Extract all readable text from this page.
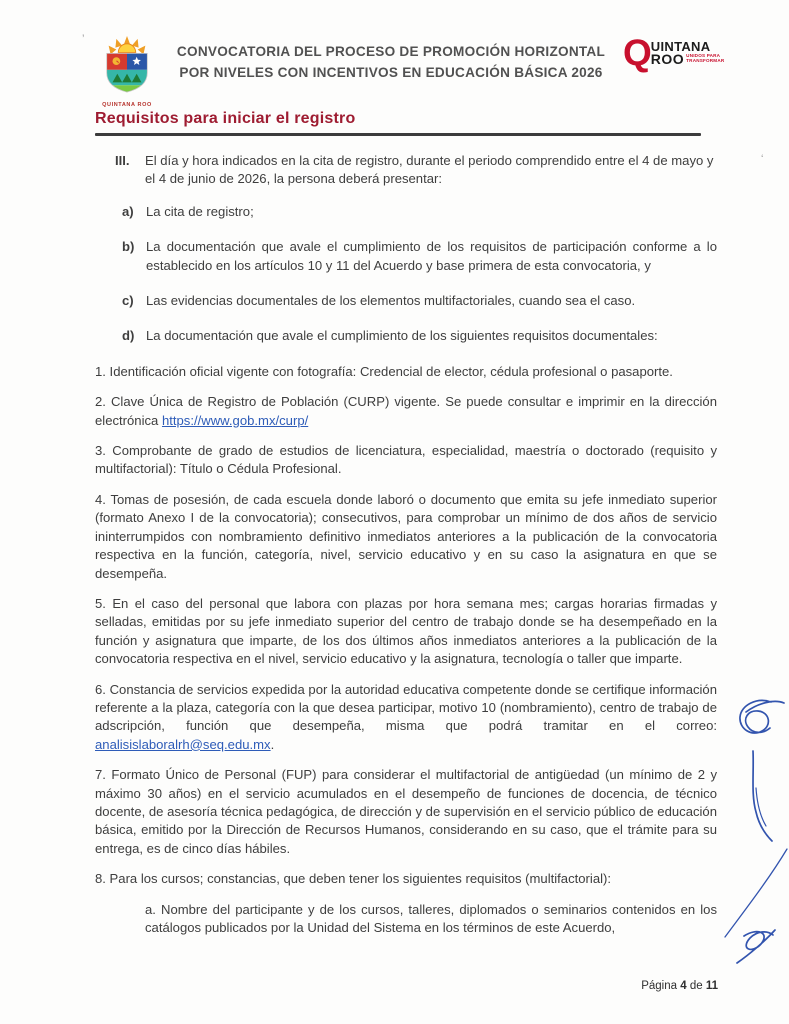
QUINTANA ROO
CONVOCATORIA DEL PROCESO DE PROMOCIÓN HORIZONTAL POR NIVELES CON INCENTIVOS EN EDUCACIÓN BÁSICA 2026 Q UINTANA
ROO UNIDOS PARA
TRANSFORMAR
Requisitos para iniciar el registro
III.	El día y hora indicados en la cita de registro, durante el periodo comprendido entre el 4 de mayo y el 4 de junio de 2026, la persona deberá presentar:
a) La cita de registro;
b) La documentación que avale el cumplimiento de los requisitos de participación conforme a lo establecido en los artículos 10 y 11 del Acuerdo y base primera de esta convocatoria, y
c) Las evidencias documentales de los elementos multifactoriales, cuando sea el caso.
d) La documentación que avale el cumplimiento de los siguientes requisitos documentales:

1. Identificación oficial vigente con fotografía: Credencial de elector, cédula profesional o pasaporte.

2. Clave Única de Registro de Población (CURP) vigente. Se puede consultar e imprimir en la dirección electrónica https://www.gob.mx/curp/

3. Comprobante de grado de estudios de licenciatura, especialidad, maestría o doctorado (requisito y multifactorial): Título o Cédula Profesional.

4. Tomas de posesión, de cada escuela donde laboró o documento que emita su jefe inmediato superior (formato Anexo I de la convocatoria); consecutivos, para comprobar un mínimo de dos años de servicio ininterrumpidos con nombramiento definitivo inmediatos anteriores a la publicación de la convocatoria respectiva en la función, categoría, nivel, servicio educativo y en su caso la asignatura en que se desempeña.

5. En el caso del personal que labora con plazas por hora semana mes; cargas horarias firmadas y selladas, emitidas por su jefe inmediato superior del centro de trabajo donde se ha desempeñado en la función y asignatura que imparte, de los dos últimos años inmediatos anteriores a la publicación de la convocatoria respectiva en el nivel, servicio educativo y la asignatura, tecnología o taller que imparte.

6. Constancia de servicios expedida por la autoridad educativa competente donde se certifique información referente a la plaza, categoría con la que desea participar, motivo 10 (nombramiento), centro de trabajo de adscripción, función que desempeña, misma que podrá tramitar en el correo: analisislaboralrh@seq.edu.mx.

7. Formato Único de Personal (FUP) para considerar el multifactorial de antigüedad (un mínimo de 2 y máximo 30 años) en el servicio acumulados en el desempeño de funciones de docencia, de técnico docente, de asesoría técnica pedagógica, de dirección y de supervisión en el servicio público de educación básica, emitido por la Dirección de Recursos Humanos, considerando en su caso, que el trámite para su entrega, es de cinco días hábiles.

8. Para los cursos; constancias, que deben tener los siguientes requisitos (multifactorial):

a. Nombre del participante y de los cursos, talleres, diplomados o seminarios contenidos en los catálogos publicados por la Unidad del Sistema en los términos de este Acuerdo,

Página 4 de 11
’
‘
